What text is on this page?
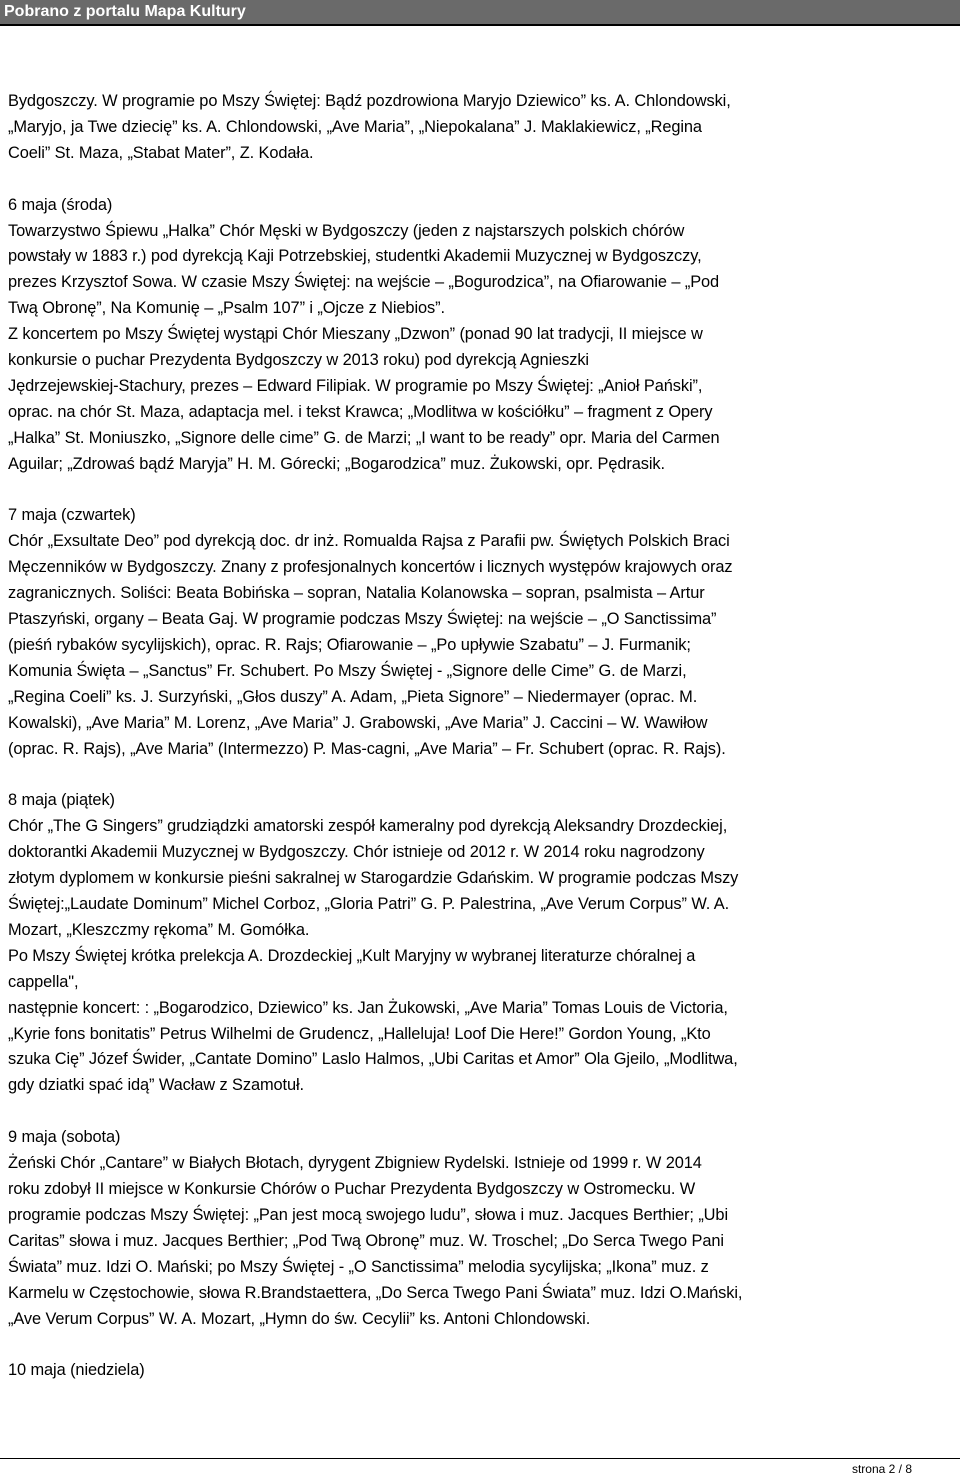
Pobrano z portalu Mapa Kultury

Bydgoszczy. W programie po Mszy Świętej: Bądź pozdrowiona Maryjo Dziewico” ks. A. Chlondowski,

„Maryjo, ja Twe dziecię” ks. A. Chlondowski, „Ave Maria”, „Niepokalana” J. Maklakiewicz, „Regina

Coeli” St. Maza, „Stabat Mater”, Z. Kodała.

6 maja (środa)

Towarzystwo Śpiewu „Halka” Chór Męski w Bydgoszczy (jeden z najstarszych polskich chórów

powstały w 1883 r.) pod dyrekcją Kaji Potrzebskiej, studentki Akademii Muzycznej w Bydgoszczy,

prezes Krzysztof Sowa. W czasie Mszy Świętej: na wejście – „Bogurodzica”, na Ofiarowanie – „Pod

Twą Obronę”, Na Komunię – „Psalm 107” i „Ojcze z Niebios”.

Z koncertem po Mszy Świętej wystąpi Chór Mieszany „Dzwon” (ponad 90 lat tradycji, II miejsce w

konkursie o puchar Prezydenta Bydgoszczy w 2013 roku) pod dyrekcją Agnieszki

Jędrzejewskiej-Stachury, prezes – Edward Filipiak. W programie po Mszy Świętej: „Anioł Pański”,

oprac. na chór St. Maza, adaptacja mel. i tekst Krawca; „Modlitwa w kościółku” – fragment z Opery

„Halka” St. Moniuszko, „Signore delle cime” G. de Marzi; „I want to be ready” opr. Maria del Carmen

Aguilar; „Zdrowaś bądź Maryja” H. M. Górecki; „Bogarodzica” muz. Żukowski, opr. Pędrasik.

7 maja (czwartek)

Chór „Exsultate Deo” pod dyrekcją doc. dr inż. Romualda Rajsa z Parafii pw. Świętych Polskich Braci

Męczenników w Bydgoszczy. Znany z profesjonalnych koncertów i licznych występów krajowych oraz

zagranicznych. Soliści: Beata Bobińska – sopran, Natalia Kolanowska – sopran, psalmista – Artur

Ptaszyński, organy – Beata Gaj. W programie podczas Mszy Świętej: na wejście – „O Sanctissima”

(pieśń rybaków sycylijskich), oprac. R. Rajs; Ofiarowanie – „Po upływie Szabatu” – J. Furmanik;

Komunia Święta – „Sanctus” Fr. Schubert. Po Mszy Świętej - „Signore delle Cime” G. de Marzi,

„Regina Coeli” ks. J. Surzyński, „Głos duszy” A. Adam, „Pieta Signore” – Niedermayer (oprac. M.

Kowalski), „Ave Maria” M. Lorenz, „Ave Maria” J. Grabowski, „Ave Maria” J. Caccini – W. Wawiłow

(oprac. R. Rajs), „Ave Maria” (Intermezzo) P. Mas-cagni, „Ave Maria” – Fr. Schubert (oprac. R. Rajs).

8 maja (piątek)

Chór „The G Singers” grudziądzki amatorski zespół kameralny pod dyrekcją Aleksandry Drozdeckiej,

doktorantki Akademii Muzycznej w Bydgoszczy. Chór istnieje od 2012 r. W 2014 roku nagrodzony

złotym dyplomem w konkursie pieśni sakralnej w Starogardzie Gdańskim. W programie podczas Mszy

Świętej:„Laudate Dominum” Michel Corboz, „Gloria Patri” G. P. Palestrina, „Ave Verum Corpus” W. A.

Mozart, „Kleszczmy rękoma” M. Gomółka.

Po Mszy Świętej krótka prelekcja A. Drozdeckiej „Kult Maryjny w wybranej literaturze chóralnej a

cappella",

następnie koncert: : „Bogarodzico, Dziewico” ks. Jan Żukowski, „Ave Maria” Tomas Louis de Victoria,

„Kyrie fons bonitatis” Petrus Wilhelmi de Grudencz, „Halleluja! Loof Die Here!” Gordon Young, „Kto

szuka Cię” Józef Świder, „Cantate Domino” Laslo Halmos, „Ubi Caritas et Amor” Ola Gjeilo, „Modlitwa,

gdy dziatki spać idą” Wacław z Szamotuł.

9 maja (sobota)

Żeński Chór „Cantare” w Białych Błotach, dyrygent Zbigniew Rydelski. Istnieje od 1999 r. W 2014

roku zdobył II miejsce w Konkursie Chórów o Puchar Prezydenta Bydgoszczy w Ostromecku. W

programie podczas Mszy Świętej: „Pan jest mocą swojego ludu”, słowa i muz. Jacques Berthier; „Ubi

Caritas” słowa i muz. Jacques Berthier; „Pod Twą Obronę” muz. W. Troschel; „Do Serca Twego Pani

Świata” muz. Idzi O. Mański; po Mszy Świętej - „O Sanctissima” melodia sycylijska; „Ikona” muz. z

Karmelu w Częstochowie, słowa R.Brandstaettera, „Do Serca Twego Pani Świata” muz. Idzi O.Mański,

„Ave Verum Corpus” W. A. Mozart, „Hymn do św. Cecylii” ks. Antoni Chlondowski.

10 maja (niedziela)

strona 2 / 8
